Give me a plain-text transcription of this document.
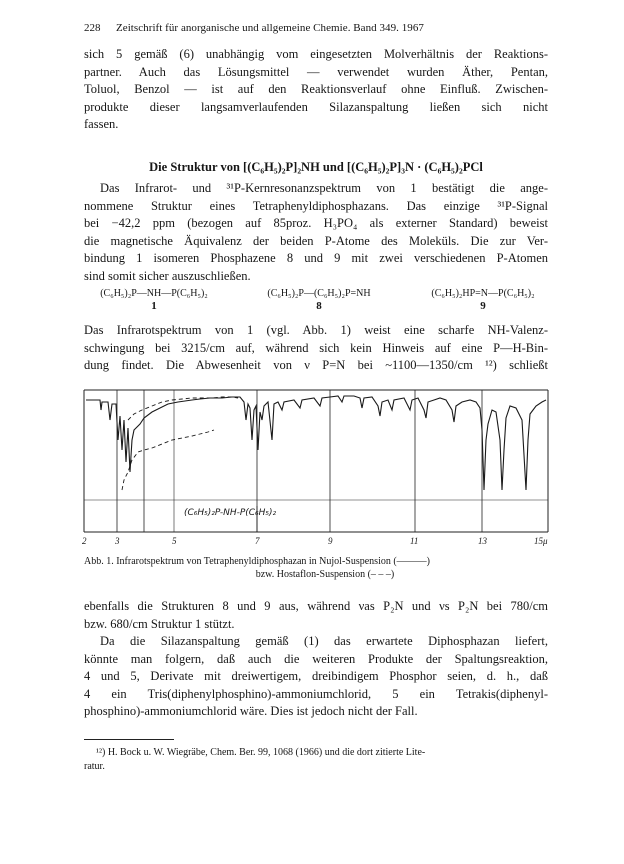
228 Zeitschrift für anorganische und allgemeine Chemie. Band 349. 1967
sich 5 gemäß (6) unabhängig vom eingesetzten Molverhältnis der Reaktions-
partner. Auch das Lösungsmittel — verwendet wurden Äther, Pentan,
Toluol, Benzol — ist auf den Reaktionsverlauf ohne Einfluß. Zwischen-
produkte dieser langsamverlaufenden Silazanspaltung ließen sich nicht
fassen.
Die Struktur von [(C₆H₅)₂P]₂NH und [(C₆H₅)₂P]₃N · (C₆H₅)₂PCl
Das Infrarot- und ³¹P-Kernresonanzspektrum von 1 bestätigt die ange-
nommene Struktur eines Tetraphenyldiphosphazans. Das einzige ³¹P-Signal
bei −42,2 ppm (bezogen auf 85proz. H₃PO₄ als externer Standard) beweist
die magnetische Äquivalenz der beiden P-Atome des Moleküls. Die zur Ver-
bindung 1 isomeren Phosphazene 8 und 9 mit zwei verschiedenen P-Atomen
sind somit sicher auszuschließen.
(C₆H₅)₂P—NH—P(C₆H₅)₂
1
(C₆H₅)₂P—(C₆H₅)₂P=NH
8
(C₆H₅)₂HP=N—P(C₆H₅)₂
9
Das Infrarotspektrum von 1 (vgl. Abb. 1) weist eine scharfe NH-Valenz-
schwingung bei 3215/cm auf, während sich kein Hinweis auf eine P—H-Bin-
dung findet. Die Abwesenheit von ν P=N bei ~1100—1350/cm ¹²) schließt
(C₆H₅)₂P-NH-P(C₆H₅)₂
2	3	5	7	9	11	13	15μ
Abb. 1. Infrarotspektrum von Tetraphenyldiphosphazan in Nujol-Suspension (———)
bzw. Hostaflon-Suspension (– – –)
ebenfalls die Strukturen 8 und 9 aus, während νas P₂N und νs P₂N bei 780/cm
bzw. 680/cm Struktur 1 stützt.
Da die Silazanspaltung gemäß (1) das erwartete Diphosphazan liefert,
könnte man folgern, daß auch die weiteren Produkte der Spaltungsreaktion,
4 und 5, Derivate mit dreiwertigem, dreibindigem Phosphor seien, d. h., daß
4 ein Tris(diphenylphosphino)-ammoniumchlorid, 5 ein Tetrakis(diphenyl-
phosphino)-ammoniumchlorid wäre. Dies ist jedoch nicht der Fall.
¹²) H. Bock u. W. Wiegräbe, Chem. Ber. 99, 1068 (1966) und die dort zitierte Lite-
ratur.
